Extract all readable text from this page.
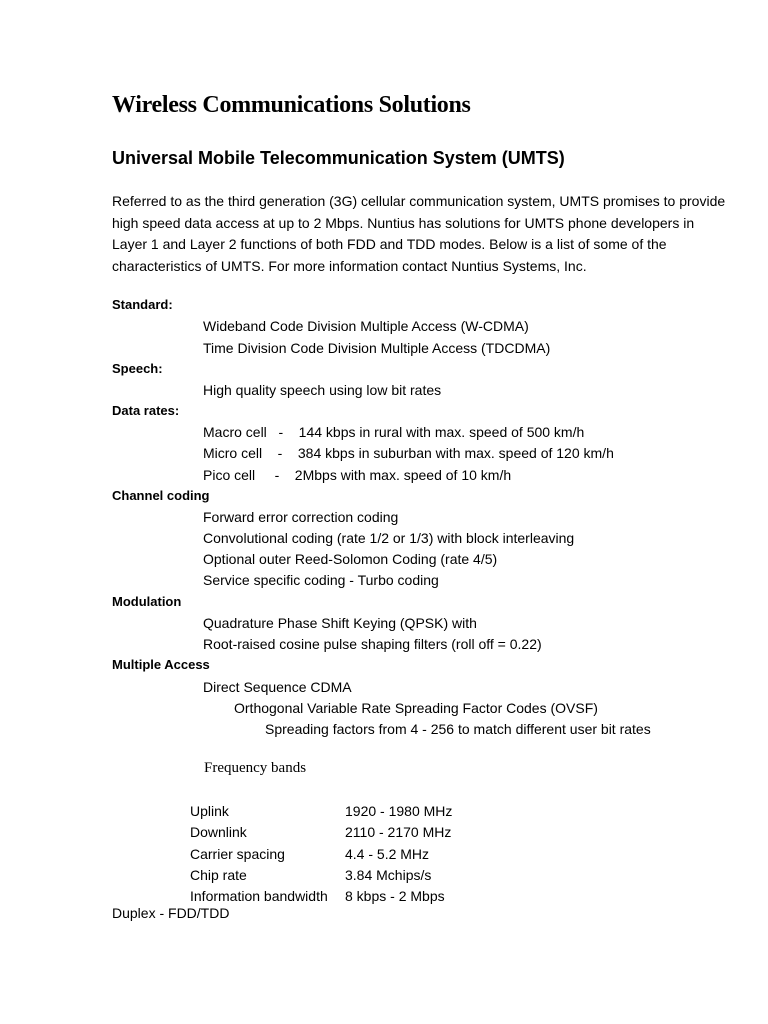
Wireless Communications Solutions
Universal Mobile Telecommunication System (UMTS)
Referred to as the third generation (3G) cellular communication system, UMTS promises to provide
high speed data access at up to 2 Mbps. Nuntius has solutions for UMTS phone developers in
Layer 1 and Layer 2 functions of both FDD and TDD modes. Below is a list of some of the
characteristics of UMTS. For more information contact Nuntius Systems, Inc.
Standard:
Wideband Code Division Multiple Access (W-CDMA)
Time Division Code Division Multiple Access (TDCDMA)
Speech:
High quality speech using low bit rates
Data rates:
Macro cell   -    144 kbps in rural with max. speed of 500 km/h
Micro cell    -    384 kbps in suburban with max. speed of 120 km/h
Pico cell     -    2Mbps with max. speed of 10 km/h
Channel coding
Forward error correction coding
Convolutional coding (rate 1/2 or 1/3) with block interleaving
Optional outer Reed-Solomon Coding (rate 4/5)
Service specific coding - Turbo coding
Modulation
Quadrature Phase Shift Keying (QPSK) with
Root-raised cosine pulse shaping filters (roll off = 0.22)
Multiple Access
Direct Sequence CDMA
Orthogonal Variable Rate Spreading Factor Codes (OVSF)
Spreading factors from 4 - 256 to match different user bit rates
Frequency bands
Uplink	1920 - 1980 MHz
Downlink	2110 - 2170 MHz
Carrier spacing	4.4 - 5.2 MHz
Chip rate	3.84 Mchips/s
Information bandwidth 8 kbps - 2 Mbps
Duplex - FDD/TDD
